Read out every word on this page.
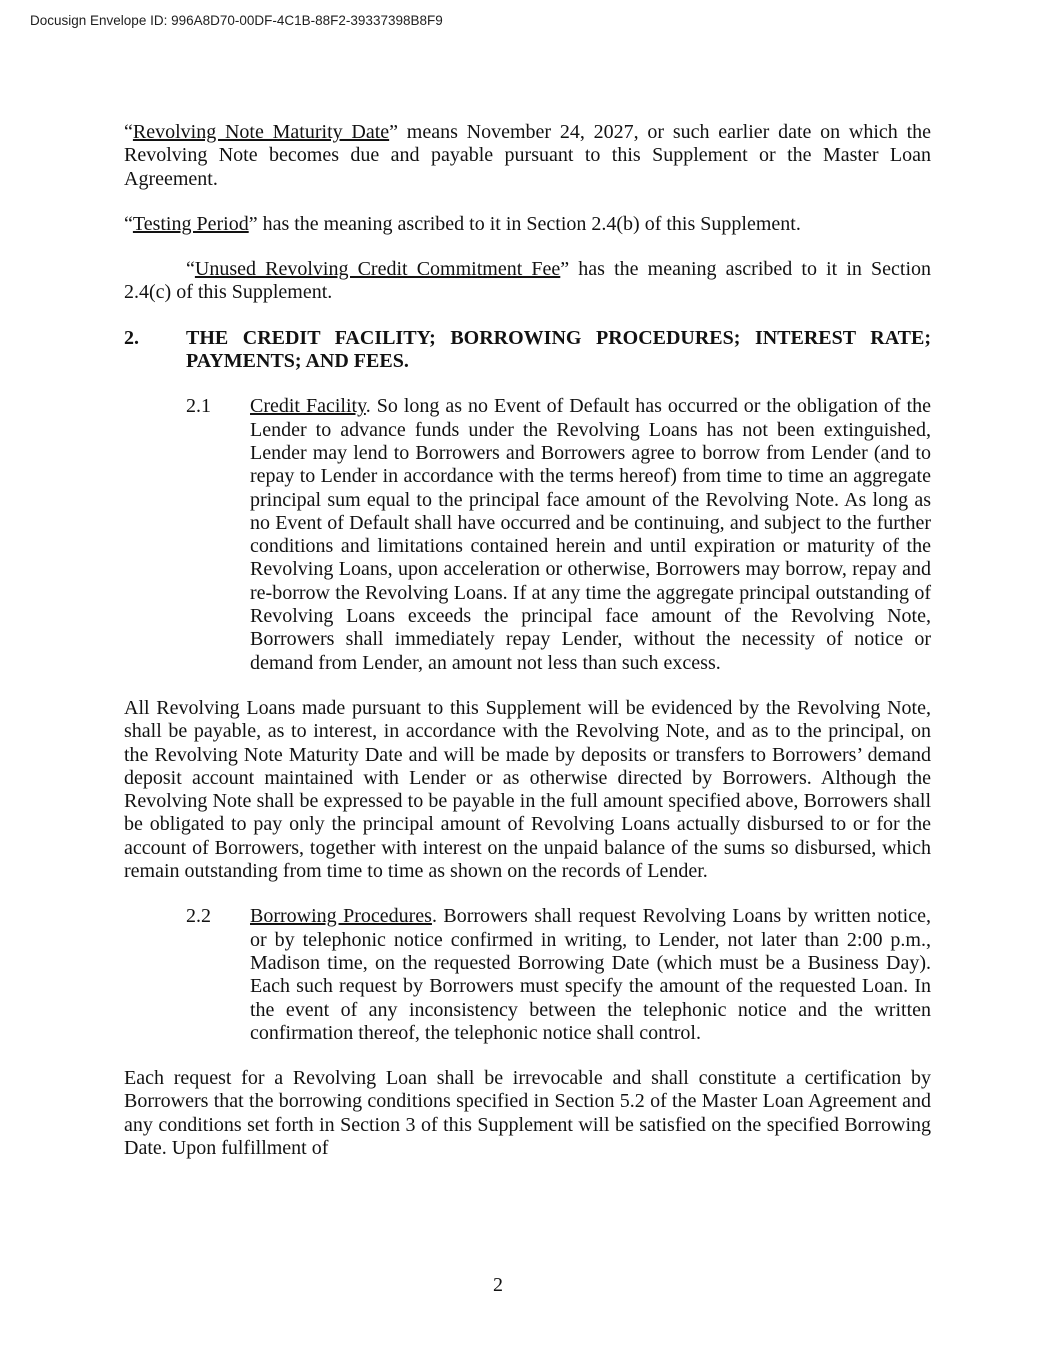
Docusign Envelope ID: 996A8D70-00DF-4C1B-88F2-39337398B8F9

“Revolving Note Maturity Date” means November 24, 2027, or such earlier date on which the Revolving Note becomes due and payable pursuant to this Supplement or the Master Loan Agreement.

“Testing Period” has the meaning ascribed to it in Section 2.4(b) of this Supplement.

“Unused Revolving Credit Commitment Fee” has the meaning ascribed to it in Section 2.4(c) of this Supplement.

2. THE CREDIT FACILITY; BORROWING PROCEDURES; INTEREST RATE; PAYMENTS; AND FEES.

2.1 Credit Facility. So long as no Event of Default has occurred or the obligation of the Lender to advance funds under the Revolving Loans has not been extinguished, Lender may lend to Borrowers and Borrowers agree to borrow from Lender (and to repay to Lender in accordance with the terms hereof) from time to time an aggregate principal sum equal to the principal face amount of the Revolving Note. As long as no Event of Default shall have occurred and be continuing, and subject to the further conditions and limitations contained herein and until expiration or maturity of the Revolving Loans, upon acceleration or otherwise, Borrowers may borrow, repay and re-borrow the Revolving Loans. If at any time the aggregate principal outstanding of Revolving Loans exceeds the principal face amount of the Revolving Note, Borrowers shall immediately repay Lender, without the necessity of notice or demand from Lender, an amount not less than such excess.

All Revolving Loans made pursuant to this Supplement will be evidenced by the Revolving Note, shall be payable, as to interest, in accordance with the Revolving Note, and as to the principal, on the Revolving Note Maturity Date and will be made by deposits or transfers to Borrowers’ demand deposit account maintained with Lender or as otherwise directed by Borrowers. Although the Revolving Note shall be expressed to be payable in the full amount specified above, Borrowers shall be obligated to pay only the principal amount of Revolving Loans actually disbursed to or for the account of Borrowers, together with interest on the unpaid balance of the sums so disbursed, which remain outstanding from time to time as shown on the records of Lender.

2.2 Borrowing Procedures. Borrowers shall request Revolving Loans by written notice, or by telephonic notice confirmed in writing, to Lender, not later than 2:00 p.m., Madison time, on the requested Borrowing Date (which must be a Business Day). Each such request by Borrowers must specify the amount of the requested Loan. In the event of any inconsistency between the telephonic notice and the written confirmation thereof, the telephonic notice shall control.

Each request for a Revolving Loan shall be irrevocable and shall constitute a certification by Borrowers that the borrowing conditions specified in Section 5.2 of the Master Loan Agreement and any conditions set forth in Section 3 of this Supplement will be satisfied on the specified Borrowing Date. Upon fulfillment of

2
